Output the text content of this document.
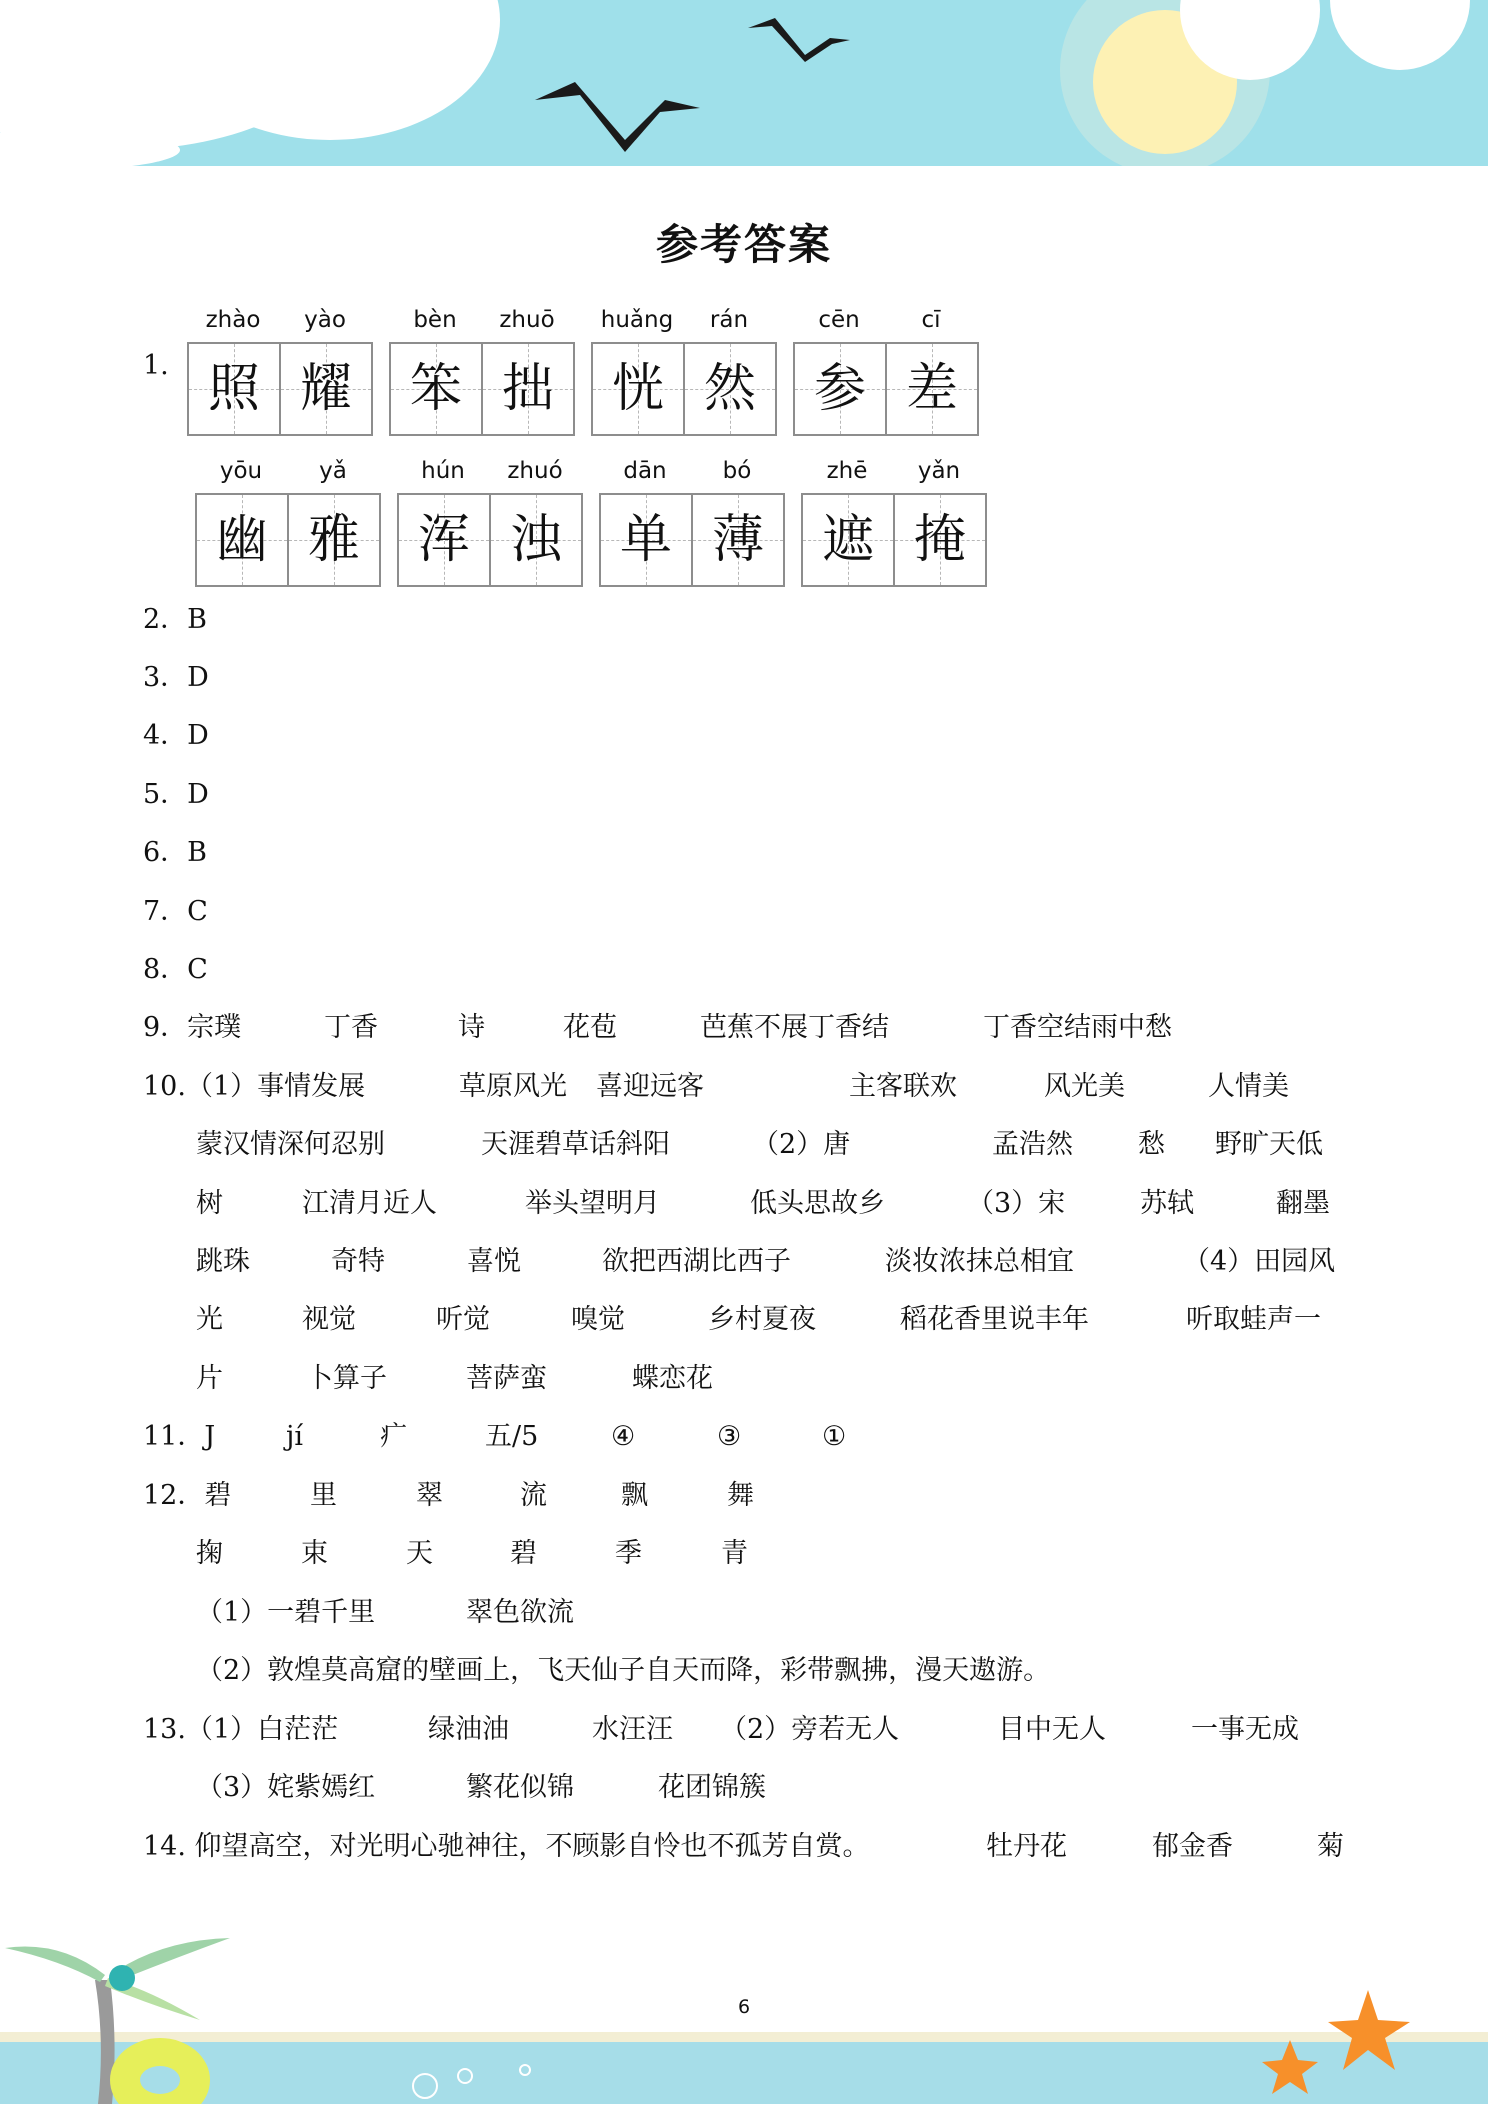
参考答案
1.
zhào	yào
照 耀
bèn	zhuō
笨 拙
huǎng	rán
恍 然
cēn	cī
参 差
yōu	yǎ
幽 雅
hún	zhuó
浑 浊
dān	bó
单 薄
zhē	yǎn
遮 掩
2．B
3．D
4．D
5．D
6．B
7．C
8．C
9．宗璞	丁香	诗	花苞	芭蕉不展丁香结	丁香空结雨中愁
10.（1）事情发展	草原风光 喜迎远客	主客联欢	风光美	人情美
蒙汉情深何忍别	天涯碧草话斜阳	（2）唐	孟浩然 愁 野旷天低
树	江清月近人	举头望明月	低头思故乡	（3）宋	苏轼	翻墨
跳珠	奇特	喜悦	欲把西湖比西子	淡妆浓抹总相宜	（4）田园风
光	视觉	听觉	嗅觉	乡村夏夜	稻花香里说丰年	听取蛙声一
片	卜算子	菩萨蛮	蝶恋花
11．J	jí	疒	五/5	④	③	①
12．碧	里	翠	流	飘	舞
掬	束	天	碧	季	青
（1）一碧千里	翠色欲流
（2）敦煌莫高窟的壁画上，飞天仙子自天而降，彩带飘拂，漫天遨游。
13.（1）白茫茫	绿油油	水汪汪 （2）旁若无人	目中无人	一事无成
（3）姹紫嫣红	繁花似锦	花团锦簇
14. 仰望高空，对光明心驰神往，不顾影自怜也不孤芳自赏。	牡丹花	郁金香	菊
6
